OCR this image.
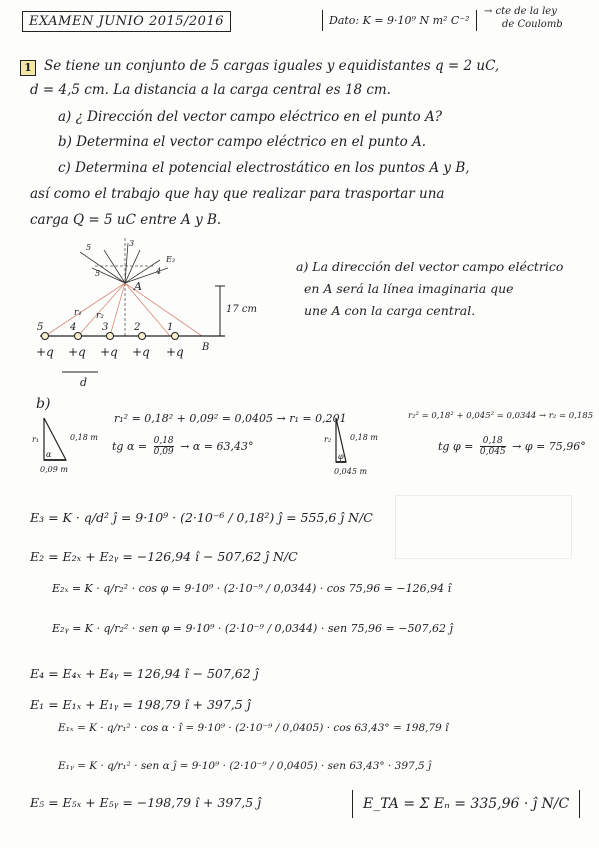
EXAMEN JUNIO 2015/2016	Dato: K = 9·10⁹ N m² C⁻²
→ cte de la ley
de Coulomb
1 Se tiene un conjunto de 5 cargas iguales y equidistantes q = 2 uC,
d = 4,5 cm. La distancia a la carga central es 18 cm.
a) ¿ Dirección del vector campo eléctrico en el punto A?
b) Determina el vector campo eléctrico en el punto A.
c) Determina el potencial electrostático en los puntos A y B,
así como el trabajo que hay que realizar para trasportar una
carga Q = 5 uC entre A y B.
5	4	3	2	1
+q +q +q +q +q
A
B
d
r₁ r₂
5	3
4
5
E₃
17 cm
a) La dirección del vector campo eléctrico
en A será la línea imaginaria que
une A con la carga central.
b)
r₁	0,18 m
α
0,09 m
r₁² = 0,18² + 0,09² = 0,0405 → r₁ = 0,201
tg $\alpha = \frac{0,18}{0,09} \to \alpha = 63,43^\circ$
r₂ 0,18 m
φ
0,045 m
r₂² = 0,18² + 0,045² = 0,0344 → r₂ = 0,185
tg $\varphi = \frac{0,18}{0,045} \to \varphi = 75,96^\circ$
E₃ = K · q/d² ĵ = 9·10⁹ · (2·10⁻⁶ / 0,18²) ĵ = 555,6 ĵ N/C
E₂ = E₂ₓ + E₂ᵧ = −126,94 î − 507,62 ĵ N/C
E₂ₓ = K · q/r₂² · cos φ = 9·10⁹ · (2·10⁻⁹ / 0,0344) · cos 75,96 = −126,94 î
E₂ᵧ = K · q/r₂² · sen φ = 9·10⁹ · (2·10⁻⁹ / 0,0344) · sen 75,96 = −507,62 ĵ
E₄ = E₄ₓ + E₄ᵧ = 126,94 î − 507,62 ĵ
E₁ = E₁ₓ + E₁ᵧ = 198,79 î + 397,5 ĵ
E₁ₓ = K · q/r₁² · cos α · î = 9·10⁹ · (2·10⁻⁹ / 0,0405) · cos 63,43° = 198,79 î
E₁ᵧ = K · q/r₁² · sen α ĵ = 9·10⁹ · (2·10⁻⁹ / 0,0405) · sen 63,43° · 397,5 ĵ
E₅ = E₅ₓ + E₅ᵧ = −198,79 î + 397,5 ĵ	E_TA = Σ Eₙ = 335,96 · ĵ N/C
